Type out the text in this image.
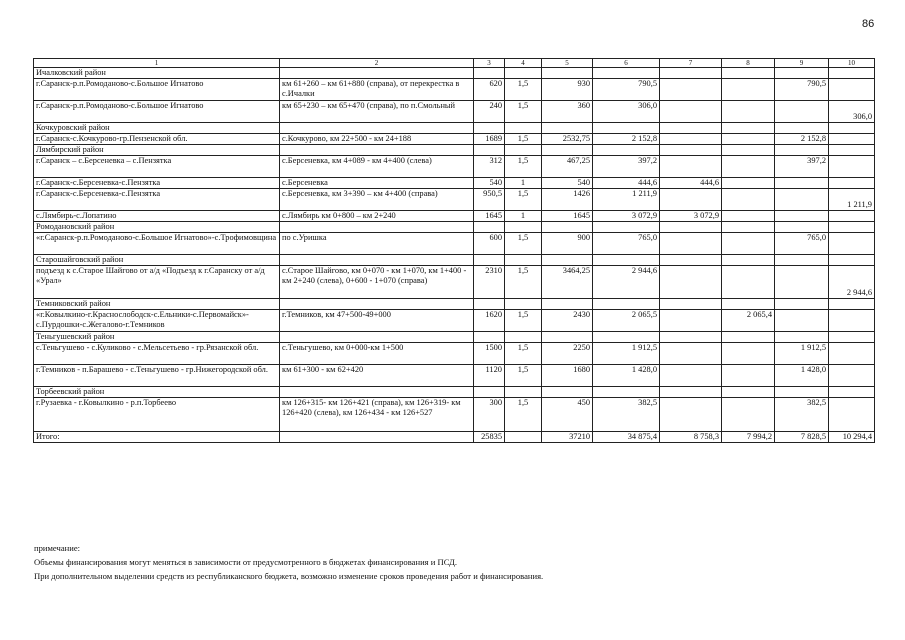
86
1	2	3	4	5	6	7	8	9	10
Ичалковский район									
г.Саранск-р.п.Ромоданово-с.Большое Игнатово	км 61+260 – км 61+880 (справа), от перекрестка в с.Ичалки	620	1,5	930	790,5			790,5	
г.Саранск-р.п.Ромоданово-с.Большое Игнатово	км 65+230 – км 65+470 (справа), по п.Смольный	240	1,5	360	306,0				306,0
Кочкуровский район									
г.Саранск-с.Кочкурово-гр.Пензенской обл.	с.Кочкурово, км 22+500 - км 24+188	1689	1,5	2532,75	2 152,8			2 152,8	
Лямбирский район									
г.Саранск – с.Берсеневка – с.Пензятка	с.Берсеневка, км 4+089 - км 4+400 (слева)	312	1,5	467,25	397,2			397,2	
г.Саранск-с.Берсеневка-с.Пензятка	с.Берсеневка	540	1	540	444,6	444,6			
г.Саранск-с.Берсеневка-с.Пензятка	с.Берсеневка, км 3+390 – км 4+400 (справа)	950,5	1,5	1426	1 211,9				1 211,9
с.Лямбирь-с.Лопатино	с.Лямбирь км 0+800 – км 2+240	1645	1	1645	3 072,9	3 072,9			
Ромодановский район									
«г.Саранск-р.п.Ромоданово-с.Большое Игнатово»-с.Трофимовщина	по с.Уришка	600	1,5	900	765,0			765,0	
Старошайговский район									
подъезд к с.Старое Шайгово от а/д «Подъезд к г.Саранску от а/д «Урал»	с.Старое Шайгово, км 0+070 - км 1+070, км 1+400 - км 2+240 (слева), 0+600 - 1+070 (справа)	2310	1,5	3464,25	2 944,6				2 944,6
Темниковский район									
«г.Ковылкино-г.Краснослободск-с.Ельники-с.Первомайск»-с.Пурдошки-с.Жегалово-г.Темников	г.Темников, км 47+500-49+000	1620	1,5	2430	2 065,5		2 065,4		
Теньгушевский район									
с.Теньгушево - с.Куликово - с.Мельсетьево - гр.Рязанской обл.	с.Теньгушево, км 0+000-км 1+500	1500	1,5	2250	1 912,5			1 912,5	
г.Темников - п.Барашево - с.Теньгушево - гр.Нижегородской обл.	км 61+300 - км 62+420	1120	1,5	1680	1 428,0			1 428,0	
Торбеевский район									
г.Рузаевка - г.Ковылкино - р.п.Торбеево	км 126+315- км 126+421 (справа), км 126+319- км 126+420 (слева), км 126+434 - км 126+527	300	1,5	450	382,5			382,5	
Итого:		25835		37210	34 875,4	8 758,3	7 994,2	7 828,5	10 294,4
примечание:
Объемы финансирования могут меняться в зависимости от предусмотренного в бюджетах финансирования и ПСД.
При дополнительном выделении средств из республиканского бюджета, возможно изменение сроков проведения работ и финансирования.
